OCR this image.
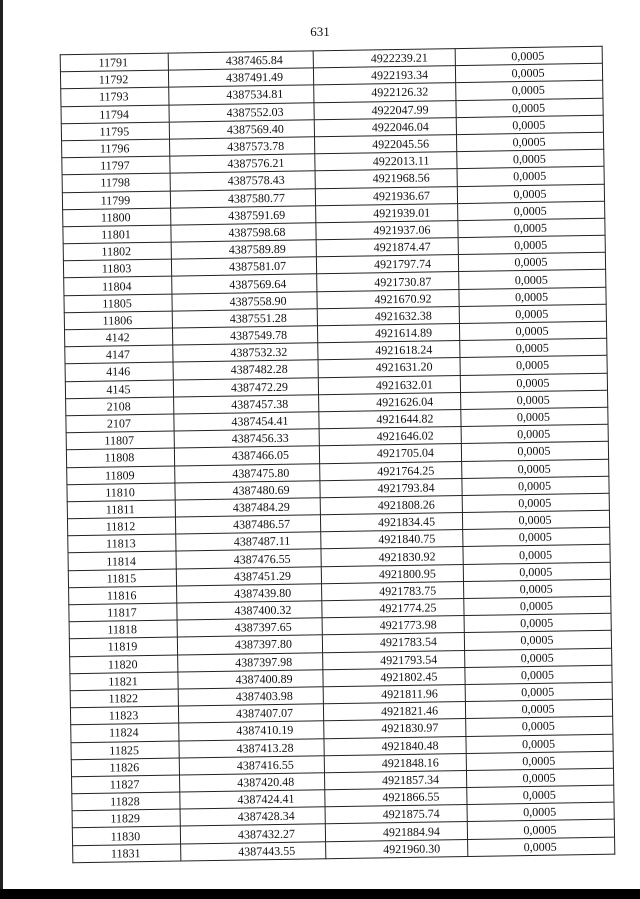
631
11791	4387465.84	4922239.21	0,0005
11792	4387491.49	4922193.34	0,0005
11793	4387534.81	4922126.32	0,0005
11794	4387552.03	4922047.99	0,0005
11795	4387569.40	4922046.04	0,0005
11796	4387573.78	4922045.56	0,0005
11797	4387576.21	4922013.11	0,0005
11798	4387578.43	4921968.56	0,0005
11799	4387580.77	4921936.67	0,0005
11800	4387591.69	4921939.01	0,0005
11801	4387598.68	4921937.06	0,0005
11802	4387589.89	4921874.47	0,0005
11803	4387581.07	4921797.74	0,0005
11804	4387569.64	4921730.87	0,0005
11805	4387558.90	4921670.92	0,0005
11806	4387551.28	4921632.38	0,0005
4142	4387549.78	4921614.89	0,0005
4147	4387532.32	4921618.24	0,0005
4146	4387482.28	4921631.20	0,0005
4145	4387472.29	4921632.01	0,0005
2108	4387457.38	4921626.04	0,0005
2107	4387454.41	4921644.82	0,0005
11807	4387456.33	4921646.02	0,0005
11808	4387466.05	4921705.04	0,0005
11809	4387475.80	4921764.25	0,0005
11810	4387480.69	4921793.84	0,0005
11811	4387484.29	4921808.26	0,0005
11812	4387486.57	4921834.45	0,0005
11813	4387487.11	4921840.75	0,0005
11814	4387476.55	4921830.92	0,0005
11815	4387451.29	4921800.95	0,0005
11816	4387439.80	4921783.75	0,0005
11817	4387400.32	4921774.25	0,0005
11818	4387397.65	4921773.98	0,0005
11819	4387397.80	4921783.54	0,0005
11820	4387397.98	4921793.54	0,0005
11821	4387400.89	4921802.45	0,0005
11822	4387403.98	4921811.96	0,0005
11823	4387407.07	4921821.46	0,0005
11824	4387410.19	4921830.97	0,0005
11825	4387413.28	4921840.48	0,0005
11826	4387416.55	4921848.16	0,0005
11827	4387420.48	4921857.34	0,0005
11828	4387424.41	4921866.55	0,0005
11829	4387428.34	4921875.74	0,0005
11830	4387432.27	4921884.94	0,0005
11831	4387443.55	4921960.30	0,0005
